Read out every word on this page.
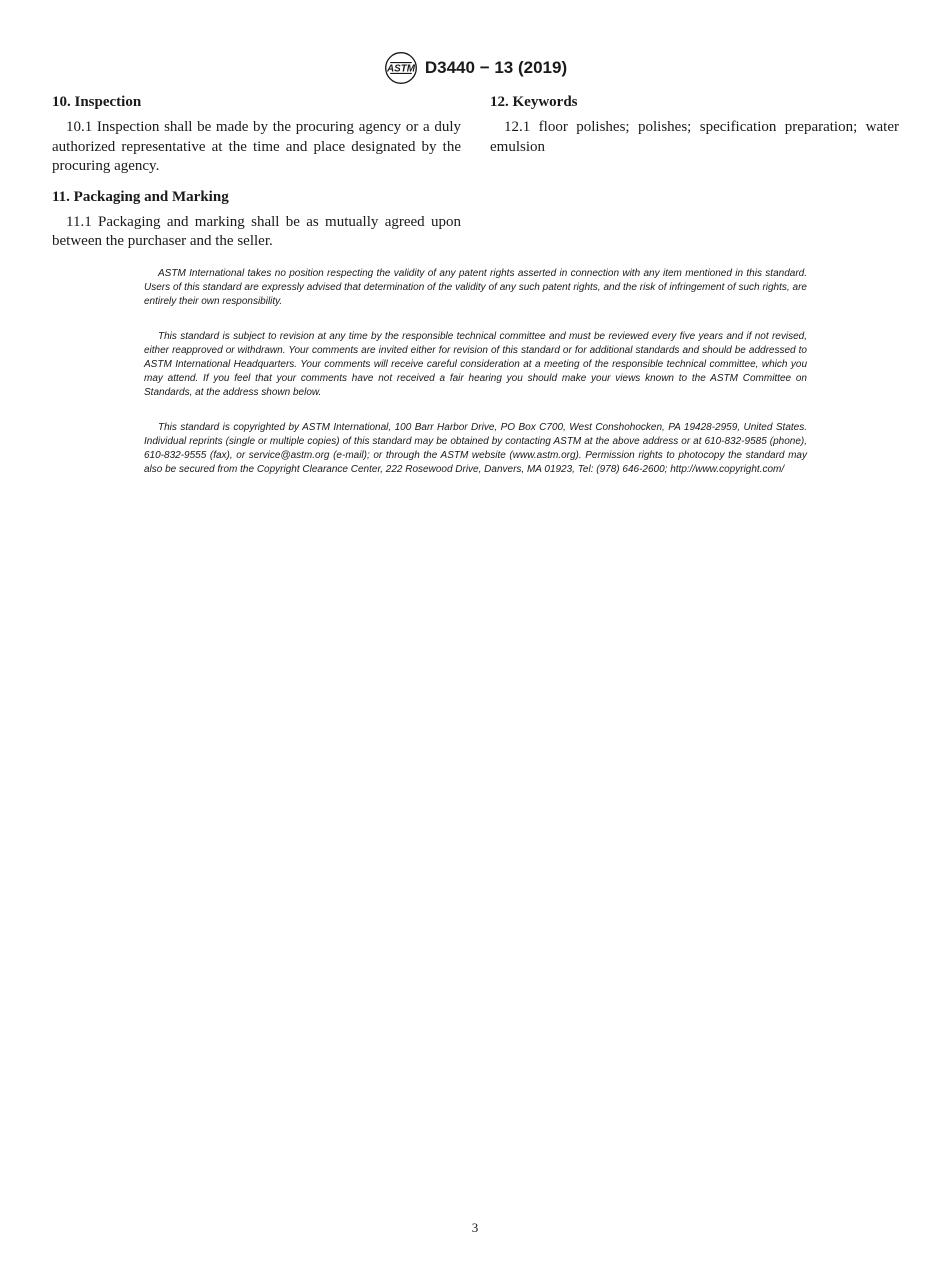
ASTM D3440 − 13 (2019)
10. Inspection

10.1 Inspection shall be made by the procuring agency or a duly authorized representative at the time and place designated by the procuring agency.

11. Packaging and Marking

11.1 Packaging and marking shall be as mutually agreed upon between the purchaser and the seller.

12. Keywords

12.1 floor polishes; polishes; specification preparation; water emulsion

ASTM International takes no position respecting the validity of any patent rights asserted in connection with any item mentioned in this standard. Users of this standard are expressly advised that determination of the validity of any such patent rights, and the risk of infringement of such rights, are entirely their own responsibility.

This standard is subject to revision at any time by the responsible technical committee and must be reviewed every five years and if not revised, either reapproved or withdrawn. Your comments are invited either for revision of this standard or for additional standards and should be addressed to ASTM International Headquarters. Your comments will receive careful consideration at a meeting of the responsible technical committee, which you may attend. If you feel that your comments have not received a fair hearing you should make your views known to the ASTM Committee on Standards, at the address shown below.

This standard is copyrighted by ASTM International, 100 Barr Harbor Drive, PO Box C700, West Conshohocken, PA 19428-2959, United States. Individual reprints (single or multiple copies) of this standard may be obtained by contacting ASTM at the above address or at 610-832-9585 (phone), 610-832-9555 (fax), or service@astm.org (e-mail); or through the ASTM website (www.astm.org). Permission rights to photocopy the standard may also be secured from the Copyright Clearance Center, 222 Rosewood Drive, Danvers, MA 01923, Tel: (978) 646-2600; http://www.copyright.com/

3
